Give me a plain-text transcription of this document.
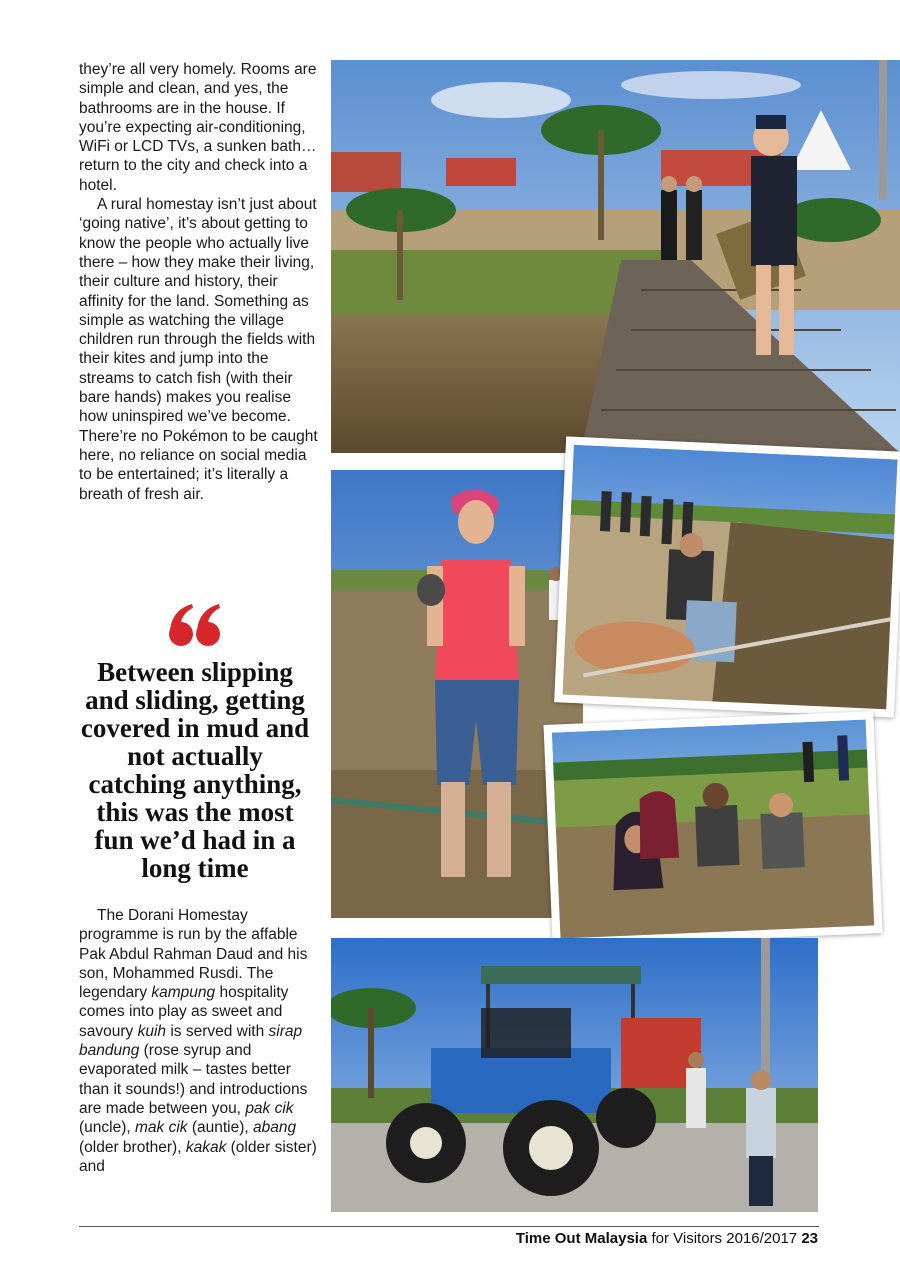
they’re all very homely. Rooms are simple and clean, and yes, the bathrooms are in the house. If you’re expecting air-conditioning, WiFi or LCD TVs, a sunken bath… return to the city and check into a hotel.

A rural homestay isn’t just about ‘going native’, it’s about getting to know the people who actually live there – how they make their living, their culture and history, their affinity for the land. Something as simple as watching the village children run through the fields with their kites and jump into the streams to catch fish (with their bare hands) makes you realise how uninspired we’ve become. There’re no Pokémon to be caught here, no reliance on social media to be entertained; it’s literally a breath of fresh air.

Between slipping and sliding, getting covered in mud and not actually catching anything, this was the most fun we’d had in a long time

The Dorani Homestay programme is run by the affable Pak Abdul Rahman Daud and his son, Mohammed Rusdi. The legendary kampung hospitality comes into play as sweet and savoury kuih is served with sirap bandung (rose syrup and evaporated milk – tastes better than it sounds!) and introductions are made between you, pak cik (uncle), mak cik (auntie), abang (older brother), kakak (older sister) and

Time Out Malaysia for Visitors 2016/2017 23
